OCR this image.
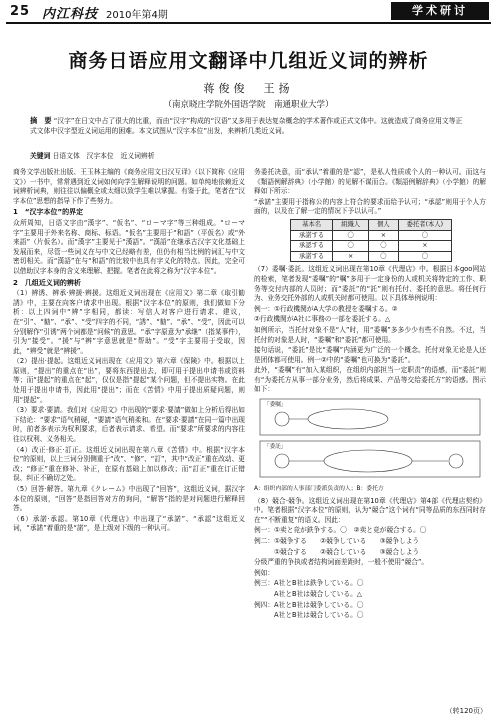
25 内江科技 2010年第4期	学术研讨
商务日语应用文翻译中几组近义词的辨析
蒋俊俊　王扬
（南京晓庄学院外国语学院　南通职业大学）
摘　要 “汉字”在日文中占了很大的比重，而由“汉字”构成的“汉语”又多用于表达复杂概念的学术著作或正式文体中。这就造成了商务应用文等正式文体中汉字型近义词运用的困难。本文试图从“汉字本位”出发，来辨析几类近义词。
关键词 日语文体　汉字本位　近义词辨析

商务文学出版社出版、王玉林主编的《商务应用文日汉互译》（以下简称《应用文》）一书中，常常遇到近义词如何向学生解释说明的问题。如单纯地依赖近义词辨析词典，则往往以偏概全或太细以致学生难以掌握。有鉴于此，笔者在“汉字本位”思想的指导下作了些努力。

1　“汉字本位”的界定

众所周知，日语文字由“漢字”、“仮名”、“ローマ字”等三种组成。“ローマ字”主要用于外来名称、商标、标语。“仮名”主要用于“和語”（平仮名）或“外来語”（片仮名）。而“漢字”主要见于“漢語”。“漢語”在继承古汉字文化基础上发展而来，尽管一些词义在与中文已经略有差，但仍有相当比例的词汇与中文密切相关。而“漢語”在与“和語”的比较中也具有字义化的特点。因此，完全可以借助汉字本身的含义来理解、把握。笔者在此将之称为“汉字本位”。

2　几组近义词的辨析

（1）辨诱、辨承·辨援·辨援。这组近义词出现在《应用文》第二章《取引勧誘》中，主要在向客户请求中出现。根据“汉字本位”的原则，我们做如下分析：以上四词中“辨”字相同，都读：写信人对客户进行请求、建议，在“引”、“勧”、“承”、“受”四字的不同，“誘”、“勧”、“承”、“受”，因此可以分别解作“引诱”两个词都是“问候”的意思。“承”字原意为“承继”（指某事件），引为“接受”。“援”与“辨”字意思就是“帮助”。“受”字主要用于受取，因此，“辨受”就是“辨援”。

（2）提出·提起。这组近义词出现在《应用文》第六章《保険》中。根据以上原则，“提出”的重点在“出”，要将东西提出去，即可用于提出申请书或资料等；而“提起”的重点在“起”，仅仅是指“提起”某个问题，但不提出实物。在此处用于提出申请书，因此用“提出”；而在《苦情》中用于提出质疑问题，则用“提起”。

（3）要求·要請。我们对《应用文》中出现的“要求·要請”做如上分析后得出如下结论：“要求”语气稍硬，“要請”语气稍柔和。在“要求·要請”在同一篇中出现时，前者多表示为权利要求，后者表示请求、希望。而“要求”所要求的内容往往以权利、义务相关。

（4）改正·修正·訂正。这组近义词出现在第八章《苦情》中。根据“汉字本位”的原则，以上三词分别侧重于“改”、“修”、“訂”，其中“改正”重在改动、更改；“修正”重在修补、补正，在原有基础上加以修改；而“訂正”重在订正错误、纠正不确切之处。

（5）回答·解答。第九章《クレーム》中出现了“回答”，这组近义词，据汉字本位的原则，“回答”是指回答对方的询问，“解答”指的是对问题进行解释回答。

（6）承諾·承認。第10章《代理店》中出现了“承諾”、“承認”这组近义词，“承諾”着重的是“諾”，是上级对下级的一种认可。

务委托决意，而“承认”着重的是“認”，是私人性质或个人的一种认可。而这与《類語例解辞典》（小学館）的见解不谋而合。《類語例解辞典》（小学館）的解释如下所示：

“承諾”主要用于指称公的内容上符合的要求而给予认可；“承認”则用于个人方面的，以及在了解一定的情况下予以认可。”

基本名	組織人	個人	委托者(本人)
承諾する	〇	×	〇
承認する	〇	〇	×
承諾する	×	〇	〇

（7）委嘱·委託。这组近义词出现在第10章《代理店》中。根据日本goo网站的检索，笔者发现“委嘱”的“嘱”多用于一定身份的人或机关将特定的工作、职务等交付内部的人员时；而“委託”的“託”则有托付、委托的意思。将任何行为、业务交托外部的人或机关时都可使用。以下具体举例说明：

例一：①行政機関がA大学の教授を委嘱する。②

②行政機関がA社に事務の一部を委託する。△

如例所示，当托付对象不是“人”时，用“委嘱”多多少少有些不自然。不过，当托付的对象是人时，“委嘱”和“委託”都可使用。

接句话说，“委託”是比“委嘱”内涵更为广泛的一个概念。托付对象无论是人还是团体都可使用。例一②中的“委嘱”也可换为“委託”。

此外，“委嘱”有“加入某组织，在组织内部担当一定职责”的语感，而“委託”则有“为委托方从事一部分业务，然后将成果、产品等交给委托方”的语感。图示如下：

「委嘱」
「委託」

A：组织内部的人事部门委派负责的人；B：委托方

（8）競合·競争。这组近义词出现在第10章《代理店》第4部《代理店契約》中。笔者根据“汉字本位”的原则，认为“競合”这个词有“同等品质的东西同时存在”“不断重复”的语义。因此：

例一：①卖と竞が鉄争する。〇　②卖と竞が競合する。〇

例二：①競争する　　②競争している　　③競争しよう

　　　①競合する　　②競合している　　③競合しよう

分级严重的争执或者结构词面差距时，一般不使用“競合”。

例如：

例三：A社とB社は鉄争している。〇

　　　A社とB社は競合している。△

例四：A社とB社は競争している。〇

　　　A社とB社は競合している。〇

（转120页）
